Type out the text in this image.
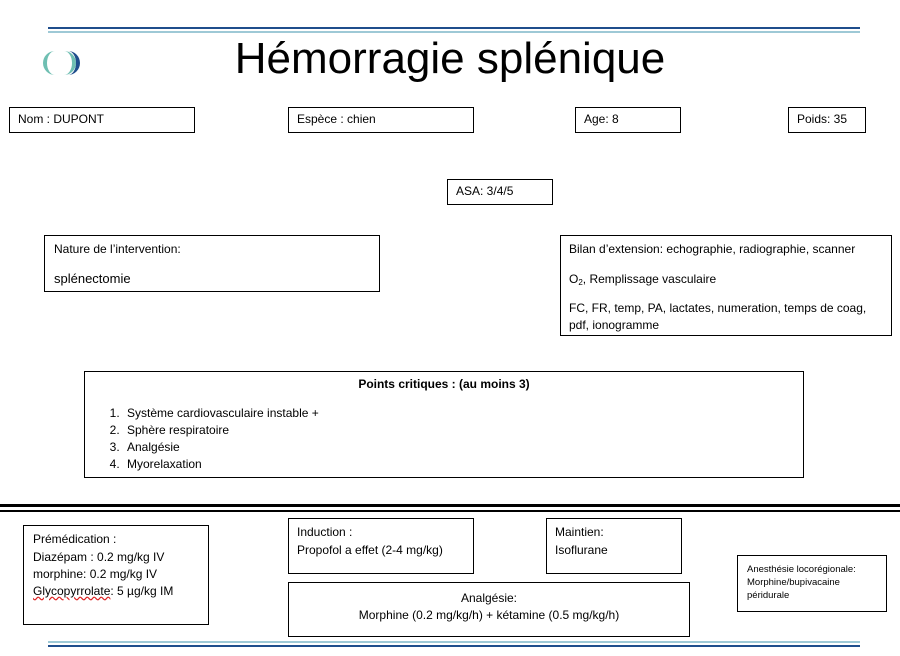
Hémorragie splénique
Nom : DUPONT	Espèce : chien	Age: 8	Poids: 35
ASA: 3/4/5
Nature de l’intervention:
splénectomie
Bilan d’extension: echographie, radiographie, scanner
$O_2$, Remplissage vasculaire
FC, FR, temp, PA, lactates, numeration, temps de coag, pdf, ionogramme
Points critiques : (au moins 3)
1. Système cardiovasculaire instable +
2. Sphère respiratoire
3. Analgésie
4. Myorelaxation
Prémédication :
Diazépam : 0.2 mg/kg IV
morphine: 0.2 mg/kg IV
Glycopyrrolate: 5 µg/kg IM
Induction :
Propofol a effet (2-4 mg/kg)
Maintien:
Isoflurane
Analgésie:
Morphine (0.2 mg/kg/h) + kétamine (0.5 mg/kg/h)
Anesthésie locorégionale:
Morphine/bupivacaine
péridurale
